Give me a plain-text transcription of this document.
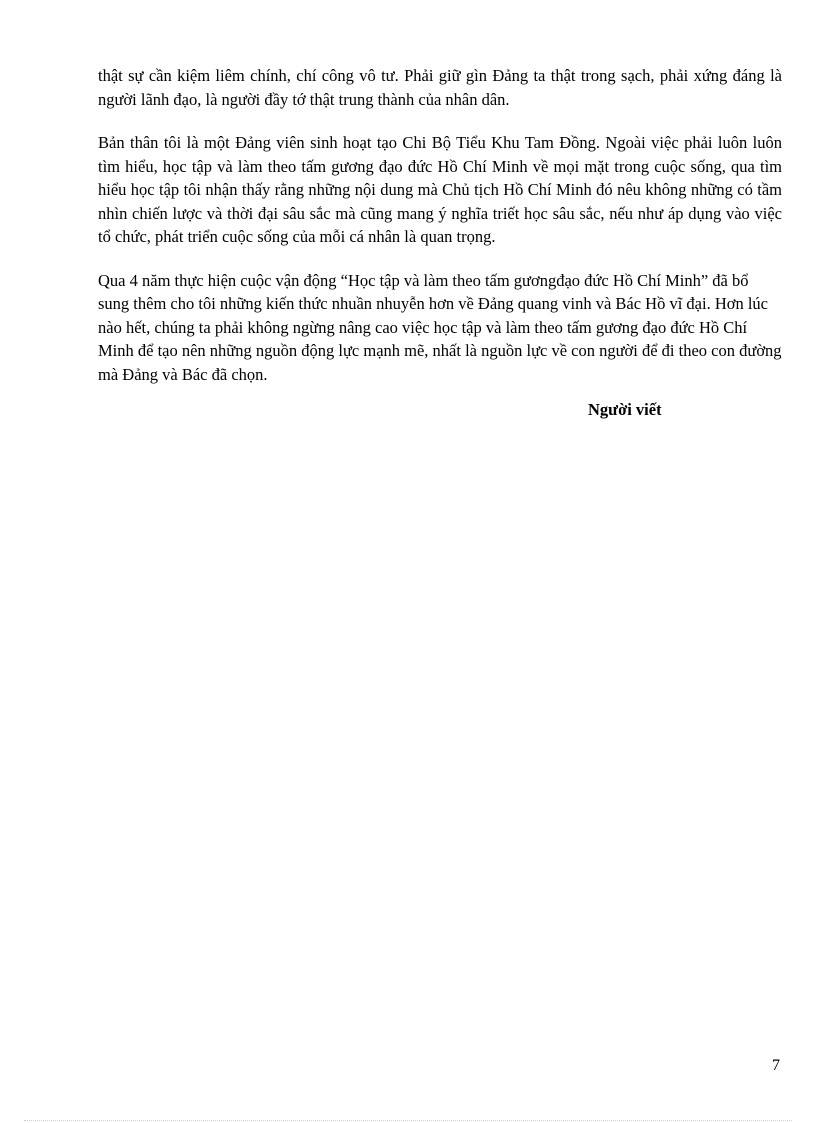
thật sự cần kiệm liêm chính, chí công vô tư. Phải giữ gìn Đảng ta thật trong sạch, phải xứng đáng là người lãnh đạo, là người đầy tớ thật trung thành của nhân dân.

Bản thân tôi là một Đảng viên sinh hoạt tạo Chi Bộ Tiểu Khu Tam Đồng. Ngoài việc phải luôn luôn tìm hiểu, học tập và làm theo tấm gương đạo đức Hồ Chí Minh về mọi mặt trong cuộc sống, qua tìm hiểu học tập tôi nhận thấy rằng những nội dung mà Chủ tịch Hồ Chí Minh đó nêu không những có tầm nhìn chiến lược và thời đại sâu sắc mà cũng mang ý nghĩa triết học sâu sắc, nếu như áp dụng vào việc tổ chức, phát triển cuộc sống của mỗi cá nhân là quan trọng.

Qua 4 năm thực hiện cuộc vận động “Học tập và làm theo tấm gươngđạo đức Hồ Chí Minh” đã bổ sung thêm cho tôi những kiến thức nhuần nhuyễn hơn về Đảng quang vinh và Bác Hồ vĩ đại. Hơn lúc nào hết, chúng ta phải không ngừng nâng cao việc học tập và làm theo tấm gương đạo đức Hồ Chí Minh để tạo nên những nguồn động lực mạnh mẽ, nhất là nguồn lực về con người để đi theo con đường mà Đảng và Bác đã chọn.

Người viết
7
